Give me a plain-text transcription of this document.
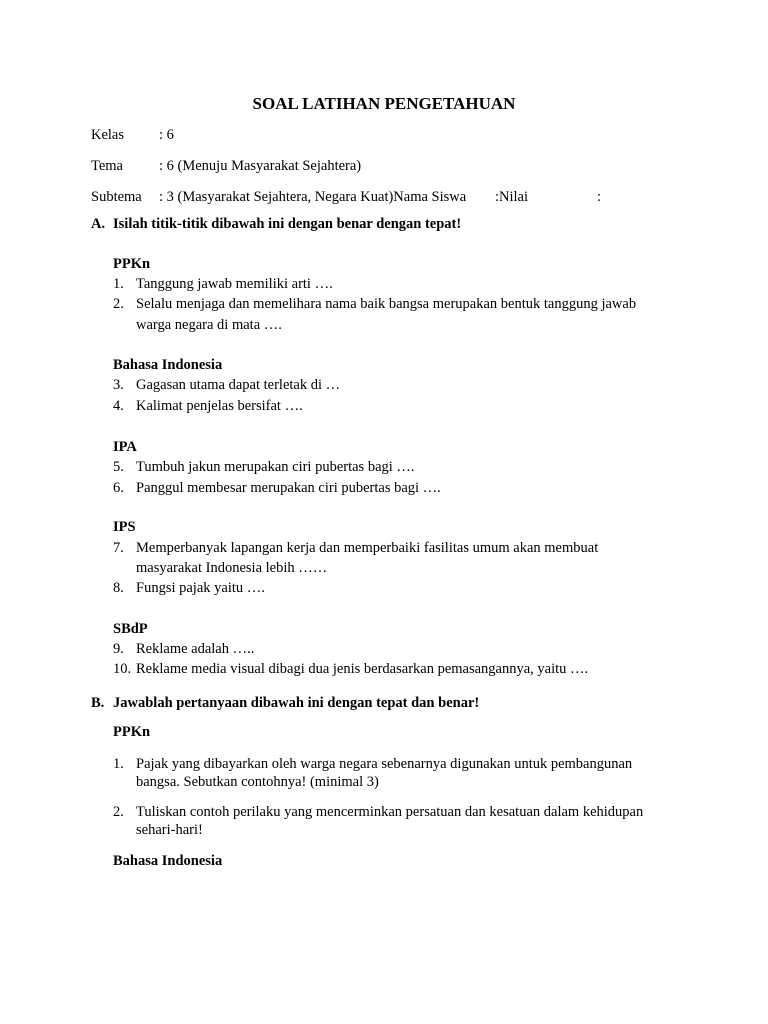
SOAL LATIHAN PENGETAHUAN
Kelas : 6
Tema : 6 (Menuju Masyarakat Sejahtera)
Subtema : 3 (Masyarakat Sejahtera, Negara Kuat)Nama Siswa :Nilai	:
A. Isilah titik-titik dibawah ini dengan benar dengan tepat!
PPKn
1. Tanggung jawab memiliki arti ….
2. Selalu menjaga dan memelihara nama baik bangsa merupakan bentuk tanggung jawab
warga negara di mata ….
Bahasa Indonesia
3. Gagasan utama dapat terletak di …
4. Kalimat penjelas bersifat ….
IPA
5. Tumbuh jakun merupakan ciri pubertas bagi ….
6. Panggul membesar merupakan ciri pubertas bagi ….
IPS
7. Memperbanyak lapangan kerja dan memperbaiki fasilitas umum akan membuat
masyarakat Indonesia lebih ……
8. Fungsi pajak yaitu ….
SBdP
9. Reklame adalah …..
10. Reklame media visual dibagi dua jenis berdasarkan pemasangannya, yaitu ….
B. Jawablah pertanyaan dibawah ini dengan tepat dan benar!
PPKn
1. Pajak yang dibayarkan oleh warga negara sebenarnya digunakan untuk pembangunan
bangsa. Sebutkan contohnya! (minimal 3)
2. Tuliskan contoh perilaku yang mencerminkan persatuan dan kesatuan dalam kehidupan
sehari-hari!
Bahasa Indonesia
